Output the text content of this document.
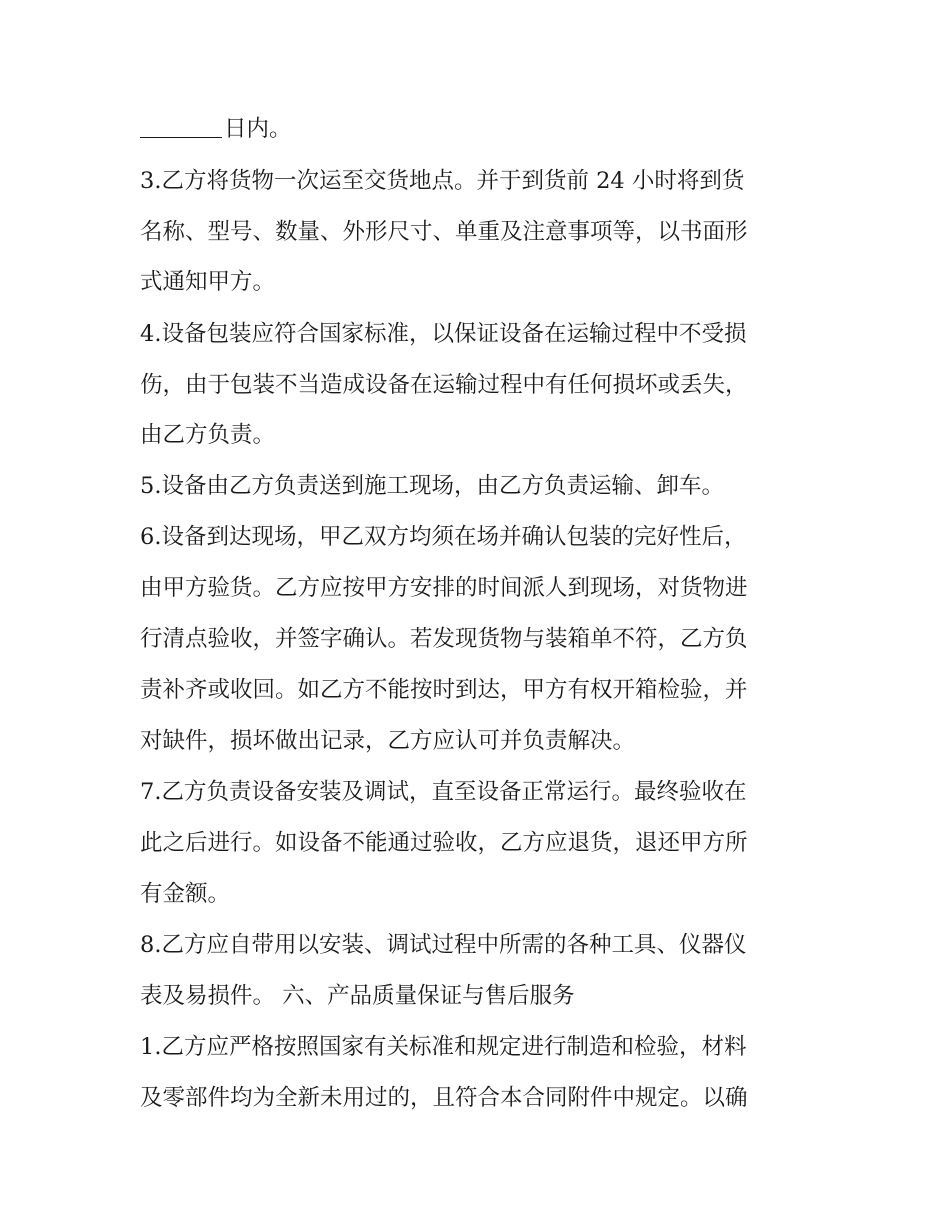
日内。
3.乙方将货物一次运至交货地点。并于到货前 24 小时将到货
名称、型号、数量、外形尺寸、单重及注意事项等，以书面形
式通知甲方。
4.设备包装应符合国家标准，以保证设备在运输过程中不受损
伤，由于包装不当造成设备在运输过程中有任何损坏或丢失，
由乙方负责。
5.设备由乙方负责送到施工现场，由乙方负责运输、卸车。
6.设备到达现场，甲乙双方均须在场并确认包装的完好性后，
由甲方验货。乙方应按甲方安排的时间派人到现场，对货物进
行清点验收，并签字确认。若发现货物与装箱单不符，乙方负
责补齐或收回。如乙方不能按时到达，甲方有权开箱检验，并
对缺件，损坏做出记录，乙方应认可并负责解决。
7.乙方负责设备安装及调试，直至设备正常运行。最终验收在
此之后进行。如设备不能通过验收，乙方应退货，退还甲方所
有金额。
8.乙方应自带用以安装、调试过程中所需的各种工具、仪器仪
表及易损件。 六、产品质量保证与售后服务
1.乙方应严格按照国家有关标准和规定进行制造和检验，材料
及零部件均为全新未用过的，且符合本合同附件中规定。以确
